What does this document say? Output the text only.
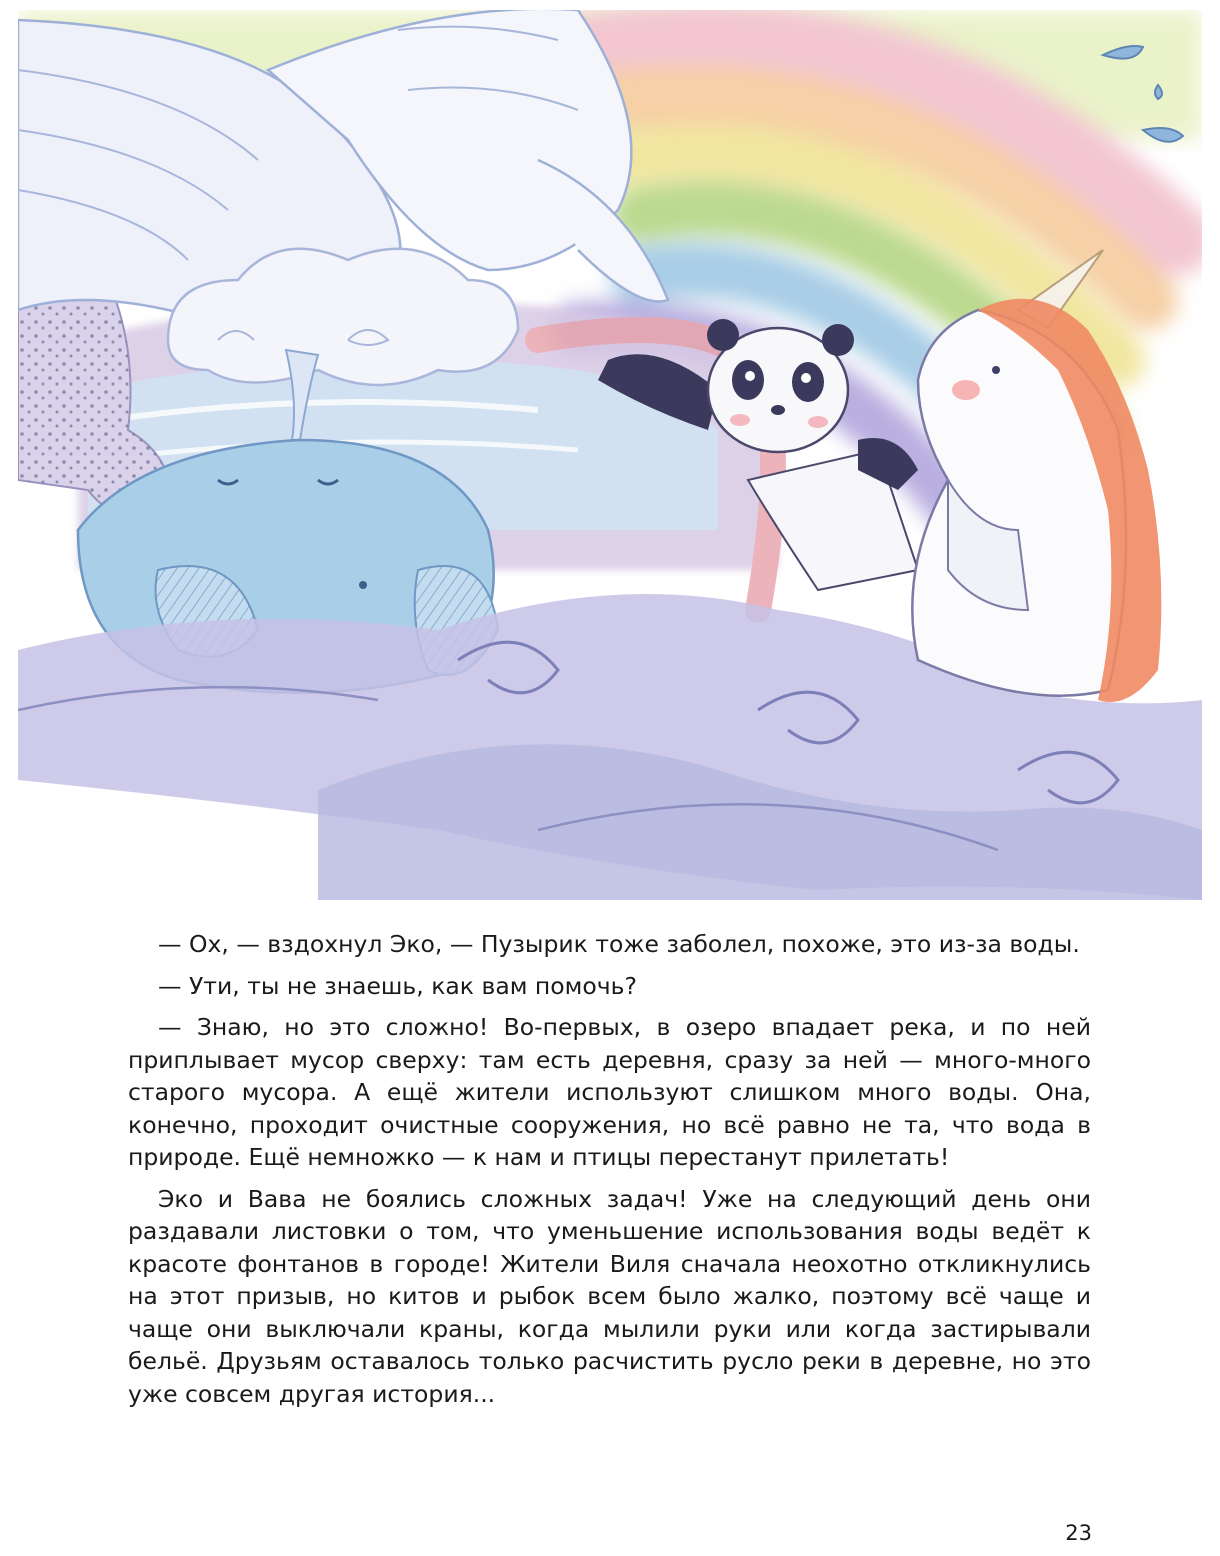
— Ох, — вздохнул Эко, — Пузырик тоже заболел, похоже, это из-за воды.

— Ути, ты не знаешь, как вам помочь?

— Знаю, но это сложно! Во-первых, в озеро впадает река, и по ней приплывает мусор сверху: там есть деревня, сразу за ней — много-много старого мусора. А ещё жители используют слишком много воды. Она, конечно, проходит очистные сооружения, но всё равно не та, что вода в природе. Ещё немножко — к нам и птицы перестанут прилетать!

Эко и Вава не боялись сложных задач! Уже на следующий день они раздавали листовки о том, что уменьшение использования воды ведёт к красоте фонтанов в городе! Жители Виля сначала неохотно откликнулись на этот призыв, но китов и рыбок всем было жалко, поэтому всё чаще и чаще они выключали краны, когда мылили руки или когда застирывали бельё. Друзьям оставалось только расчистить русло реки в деревне, но это уже совсем другая история...

23
